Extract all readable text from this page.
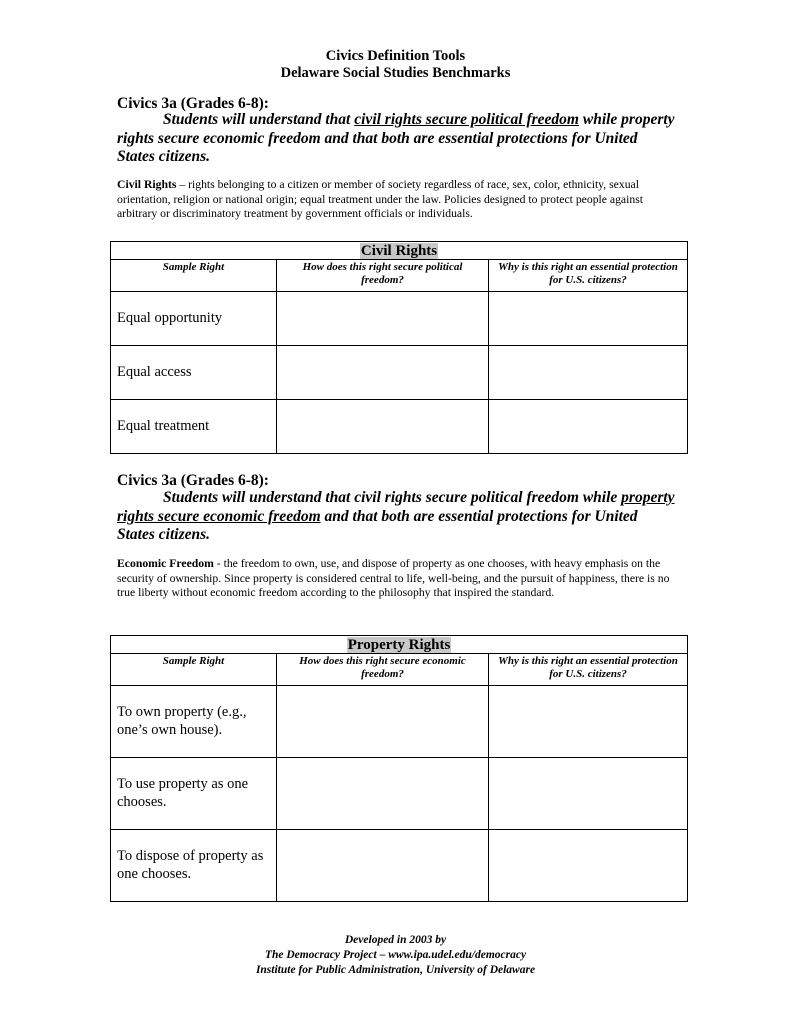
Civics Definition Tools
Delaware Social Studies Benchmarks
Civics 3a (Grades 6-8):
Students will understand that civil rights secure political freedom while property rights secure economic freedom and that both are essential protections for United States citizens.
Civil Rights – rights belonging to a citizen or member of society regardless of race, sex, color, ethnicity, sexual orientation, religion or national origin; equal treatment under the law. Policies designed to protect people against arbitrary or discriminatory treatment by government officials or individuals.
Civil Rights		
Sample Right	How does this right secure political freedom?	Why is this right an essential protection for U.S. citizens?
Equal opportunity		
Equal access		
Equal treatment		
Civics 3a (Grades 6-8):
Students will understand that civil rights secure political freedom while property rights secure economic freedom and that both are essential protections for United States citizens.
Economic Freedom - the freedom to own, use, and dispose of property as one chooses, with heavy emphasis on the security of ownership. Since property is considered central to life, well-being, and the pursuit of happiness, there is no true liberty without economic freedom according to the philosophy that inspired the standard.
Property Rights		
Sample Right	How does this right secure economic freedom?	Why is this right an essential protection for U.S. citizens?
To own property (e.g., one’s own house).		
To use property as one chooses.		
To dispose of property as one chooses.		
Developed in 2003 by
The Democracy Project – www.ipa.udel.edu/democracy
Institute for Public Administration, University of Delaware
